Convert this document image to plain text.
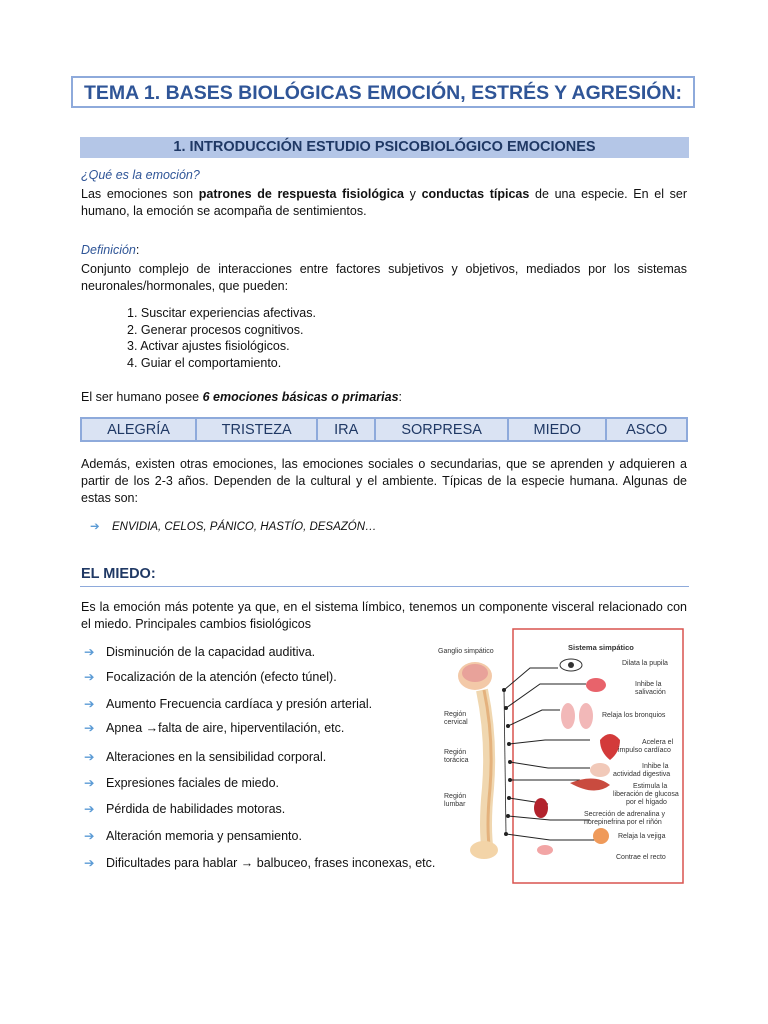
TEMA 1. BASES BIOLÓGICAS EMOCIÓN, ESTRÉS Y AGRESIÓN:
1. INTRODUCCIÓN ESTUDIO PSICOBIOLÓGICO EMOCIONES
¿Qué es la emoción?
Las emociones son patrones de respuesta fisiológica y conductas típicas de una especie. En el ser humano, la emoción se acompaña de sentimientos.
Definición:
Conjunto complejo de interacciones entre factores subjetivos y objetivos, mediados por los sistemas neuronales/hormonales, que pueden:
1. Suscitar experiencias afectivas.
2. Generar procesos cognitivos.
3. Activar ajustes fisiológicos.
4. Guiar el comportamiento.
El ser humano posee 6 emociones básicas o primarias:
ALEGRÍA	TRISTEZA	IRA	SORPRESA	MIEDO	ASCO
Además, existen otras emociones, las emociones sociales o secundarias, que se aprenden y adquieren a partir de los 2-3 años. Dependen de la cultural y el ambiente. Típicas de la especie humana. Algunas de estas son:
➔ ENVIDIA, CELOS, PÁNICO, HASTÍO, DESAZÓN…
EL MIEDO:
Es la emoción más potente ya que, en el sistema límbico, tenemos un componente visceral relacionado con el miedo. Principales cambios fisiológicos
➔ Disminución de la capacidad auditiva.
➔ Focalización de la atención (efecto túnel).
➔ Aumento Frecuencia cardíaca y presión arterial.
➔ Apnea →falta de aire, hiperventilación, etc.
➔ Alteraciones en la sensibilidad corporal.
➔ Expresiones faciales de miedo.
➔ Pérdida de habilidades motoras.
➔ Alteración memoria y pensamiento.
➔ Dificultades para hablar → balbuceo, frases inconexas, etc.
Sistema simpático
Ganglio simpático
Región cervical
Región torácica
Región lumbar
Dilata la pupila
Inhibe la salivación
Relaja los bronquios
Acelera el impulso cardíaco
Inhibe la actividad digestiva
Estimula la liberación de glucosa por el hígado
Secreción de adrenalina y norepinefrina por el riñón
Relaja la vejiga
Contrae el recto
